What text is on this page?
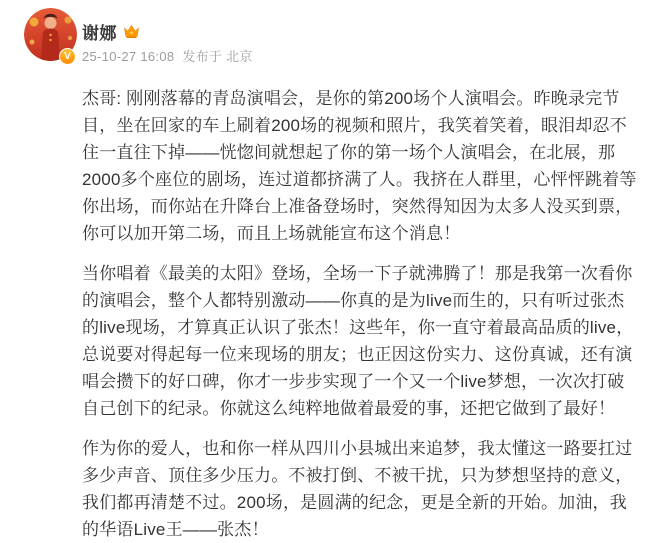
V
谢娜
25-10-27 16:08 发布于 北京

杰哥: 刚刚落幕的青岛演唱会，是你的第200场个人演唱会。昨晚录完节目，坐在回家的车上刷着200场的视频和照片，我笑着笑着，眼泪却忍不住一直往下掉——恍惚间就想起了你的第一场个人演唱会，在北展，那2000多个座位的剧场，连过道都挤满了人。我挤在人群里，心怦怦跳着等你出场，而你站在升降台上准备登场时，突然得知因为太多人没买到票，你可以加开第二场，而且上场就能宣布这个消息！

当你唱着《最美的太阳》登场，全场一下子就沸腾了！那是我第一次看你的演唱会，整个人都特别激动——你真的是为live而生的，只有听过张杰的live现场，才算真正认识了张杰！这些年，你一直守着最高品质的live，总说要对得起每一位来现场的朋友；也正因这份实力、这份真诚，还有演唱会攒下的好口碑，你才一步步实现了一个又一个live梦想，一次次打破自己创下的纪录。你就这么纯粹地做着最爱的事，还把它做到了最好！

作为你的爱人，也和你一样从四川小县城出来追梦，我太懂这一路要扛过多少声音、顶住多少压力。不被打倒、不被干扰，只为梦想坚持的意义，我们都再清楚不过。200场，是圆满的纪念，更是全新的开始。加油，我的华语Live王——张杰！
